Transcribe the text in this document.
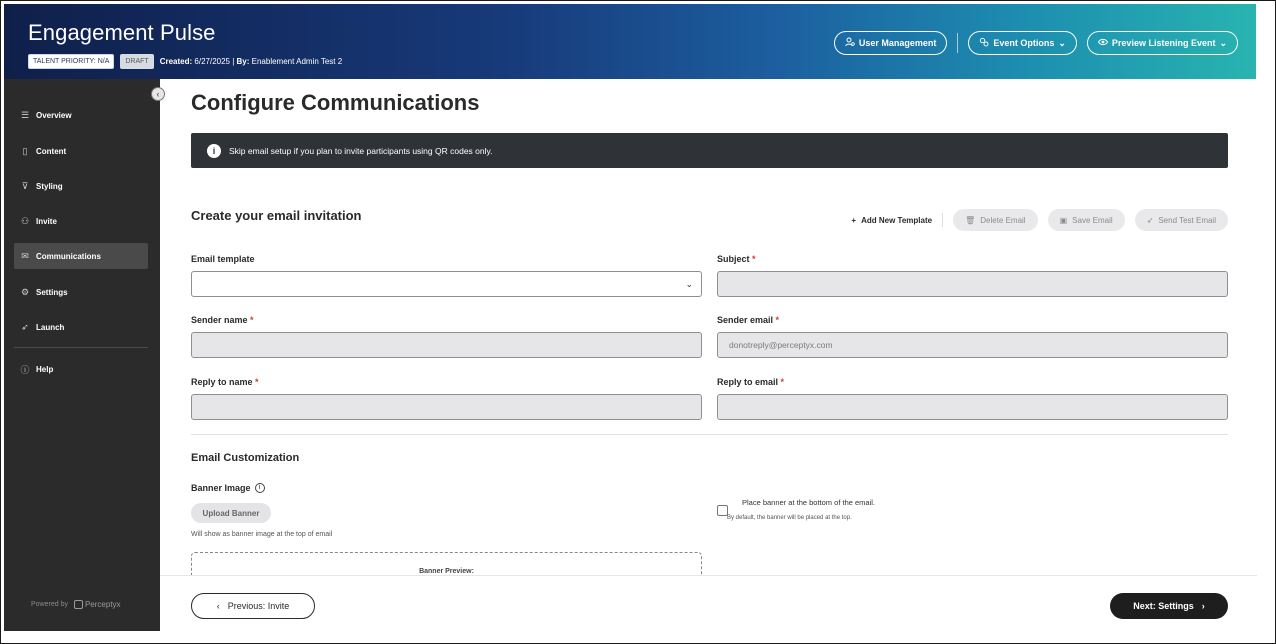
Engagement Pulse
TALENT PRIORITY: N/A	DRAFT	Created: 6/27/2025 | By: Enablement Admin Test 2
User Management	Event Options ⌄	Preview Listening Event ⌄
‹
☰ Overview
▯	Content
⊽ Styling
⚇ Invite
✉ Communications
⚙ Settings
➶ Launch
ⓘ Help
Powered by Perceptyx
Configure Communications
i	Skip email setup if you plan to invite participants using QR codes only.
Create your email invitation	+ Add New Template	🗑︎ Delete Email	▣ Save Email	➶ Send Test Email
Email template
⌄
Subject *
Sender name *	Sender email *
donotreply@perceptyx.com
Reply to name *	Reply to email *
Email Customization
Banner Image	i
Upload Banner
Will show as banner image at the top of email
Banner Preview:
Place banner at the bottom of the email.
By default, the banner will be placed at the top.
‹ Previous: Invite	Next: Settings ›
